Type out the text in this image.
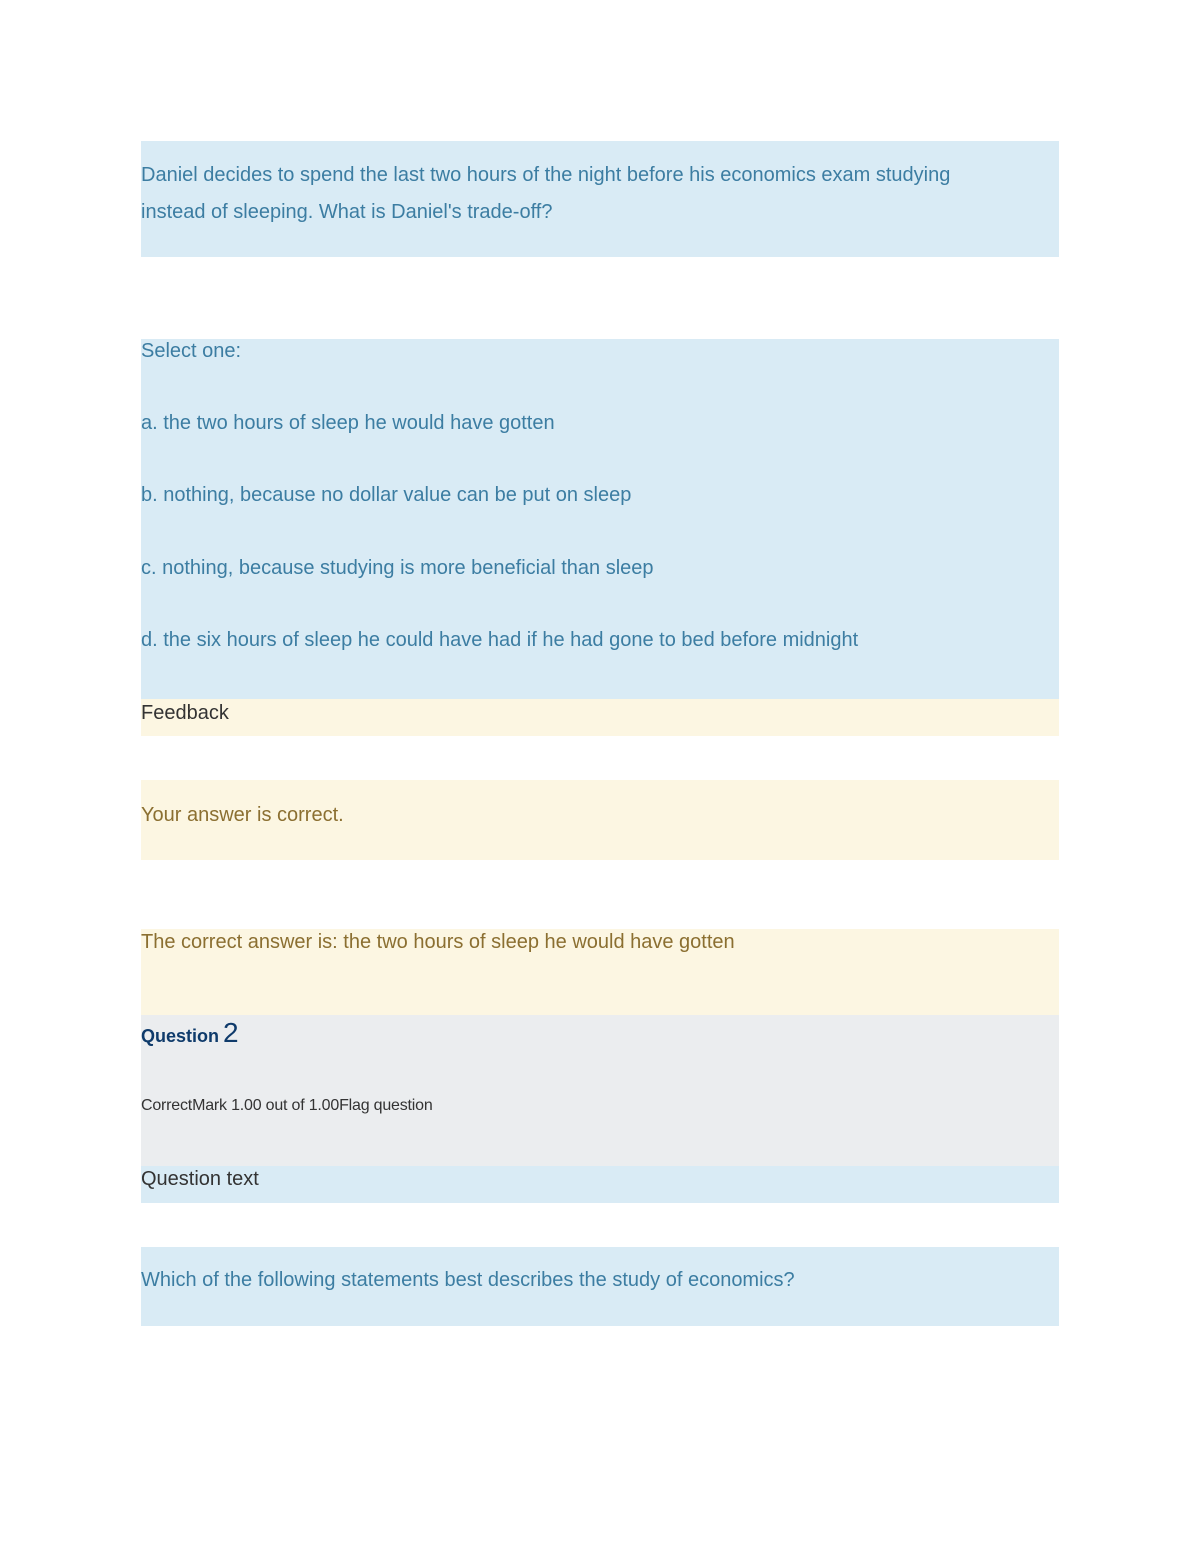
Daniel decides to spend the last two hours of the night before his economics exam studying
instead of sleeping. What is Daniel's trade-off?
Select one:
a. the two hours of sleep he would have gotten
b. nothing, because no dollar value can be put on sleep
c. nothing, because studying is more beneficial than sleep
d. the six hours of sleep he could have had if he had gone to bed before midnight
Feedback
Your answer is correct.
The correct answer is: the two hours of sleep he would have gotten
Question 2
CorrectMark 1.00 out of 1.00Flag question
Question text
Which of the following statements best describes the study of economics?
